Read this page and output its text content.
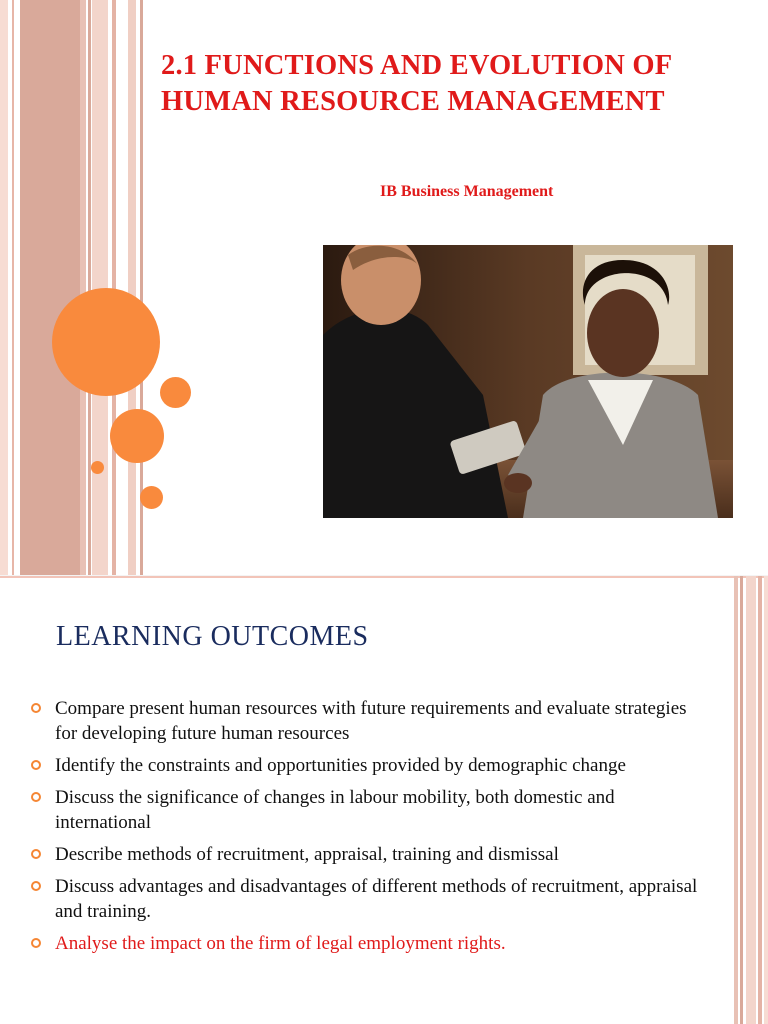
2.1 FUNCTIONS AND EVOLUTION OF HUMAN RESOURCE MANAGEMENT

IB Business Management

LEARNING OUTCOMES
Compare present human resources with future requirements and evaluate strategies for developing future human resources
Identify the constraints and opportunities provided by demographic change
Discuss the significance of changes in labour mobility, both domestic and international
Describe methods of recruitment, appraisal, training and dismissal
Discuss advantages and disadvantages of different methods of recruitment, appraisal and training.
Analyse the impact on the firm of legal employment rights.
